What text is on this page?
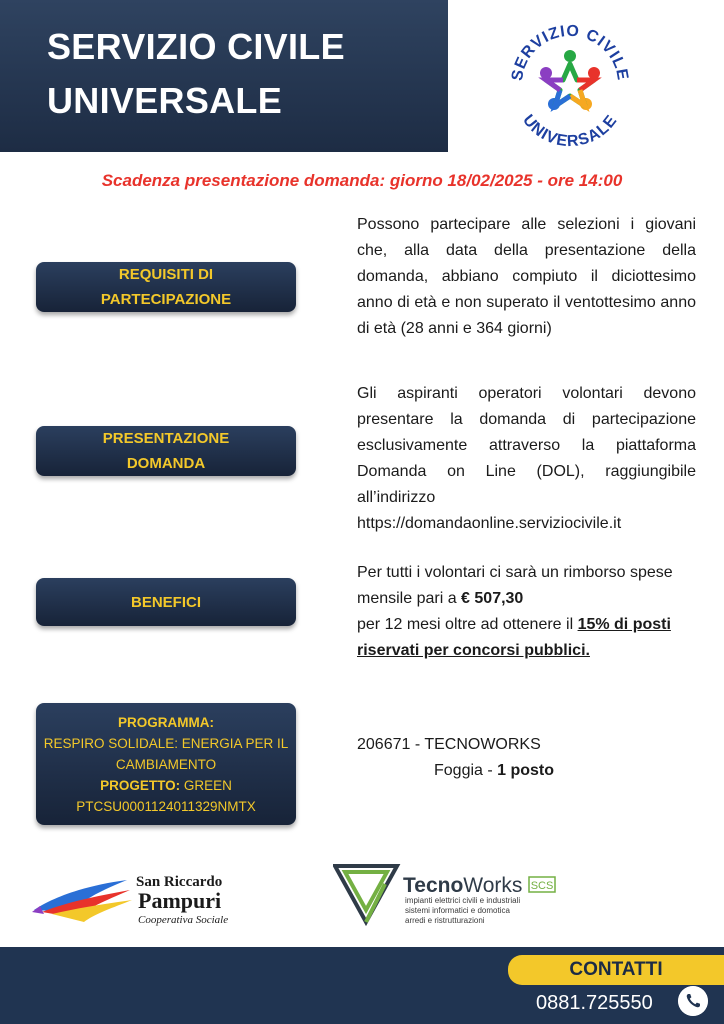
SERVIZIO CIVILE
UNIVERSALE
SERVIZIO CIVILE
UNIVERSALE
Scadenza presentazione domanda: giorno 18/02/2025 - ore 14:00
REQUISITI DI
PARTECIPAZIONE
Possono partecipare alle selezioni i giovani che, alla data della presentazione della domanda, abbiano compiuto il diciottesimo anno di età e non superato il ventottesimo anno di età (28 anni e 364 giorni)
PRESENTAZIONE
DOMANDA
Gli aspiranti operatori volontari devono presentare la domanda di partecipazione esclusivamente attraverso la piattaforma Domanda on Line (DOL), raggiungibile all’indirizzo https://domandaonline.serviziocivile.it
BENEFICI
Per tutti i volontari ci sarà un rimborso spese mensile pari a € 507,30
per 12 mesi oltre ad ottenere il 15% di posti riservati per concorsi pubblici.
PROGRAMMA:
RESPIRO SOLIDALE: ENERGIA PER IL CAMBIAMENTO
PROGETTO: GREEN
PTCSU0001124011329NMTX
206671 - TECNOWORKS
Foggia - 1 posto
San Riccardo
Pampuri
Cooperativa Sociale
TecnoWorks SCS
impianti elettrici civili e industriali
sistemi informatici e domotica
arredi e ristrutturazioni
CONTATTI
0881.725550
